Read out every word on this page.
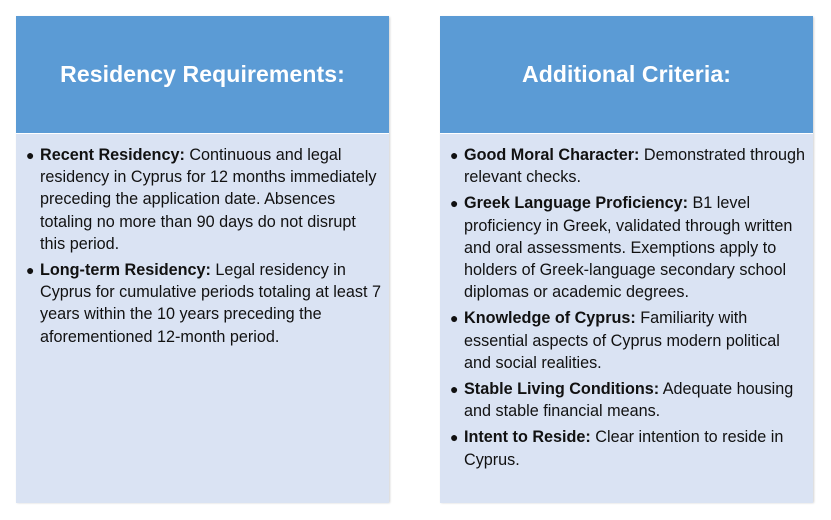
Residency Requirements:
● Recent Residency: Continuous and legal residency in Cyprus for 12 months immediately preceding the application date. Absences totaling no more than 90 days do not disrupt this period.
● Long-term Residency: Legal residency in Cyprus for cumulative periods totaling at least 7 years within the 10 years preceding the aforementioned 12-month period.
Additional Criteria:
● Good Moral Character: Demonstrated through relevant checks.
● Greek Language Proficiency: B1 level proficiency in Greek, validated through written and oral assessments. Exemptions apply to holders of Greek-language secondary school diplomas or academic degrees.
● Knowledge of Cyprus: Familiarity with essential aspects of Cyprus modern political and social realities.
● Stable Living Conditions: Adequate housing and stable financial means.
● Intent to Reside: Clear intention to reside in Cyprus.
